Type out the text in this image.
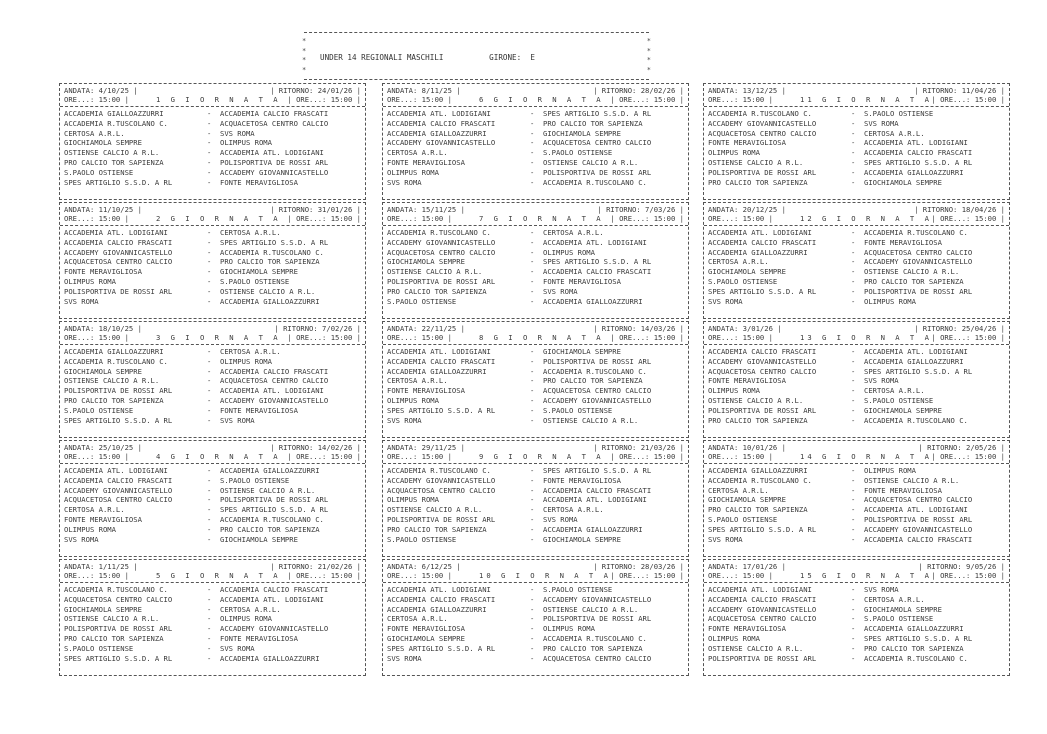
*
*
*
*
*
*
*
*
UNDER 14 REGIONALI MASCHILI	GIRONE: E
ANDATA: 4/10/25 |	| RITORNO: 24/01/26 |
ORE...: 15:00 |	1 G I O R N A T A | ORE...: 15:00 |
ACCADEMIA GIALLOAZZURRI	- ACCADEMIA CALCIO FRASCATI
ACCADEMIA R.TUSCOLANO C.	- ACQUACETOSA CENTRO CALCIO
CERTOSA A.R.L.	- SVS ROMA
GIOCHIAMOLA SEMPRE	- OLIMPUS ROMA
OSTIENSE CALCIO A R.L.	- ACCADEMIA ATL. LODIGIANI
PRO CALCIO TOR SAPIENZA	- POLISPORTIVA DE ROSSI ARL
S.PAOLO OSTIENSE	- ACCADEMY GIOVANNICASTELLO
SPES ARTIGLIO S.S.D. A RL	- FONTE MERAVIGLIOSA
ANDATA: 11/10/25 |	| RITORNO: 31/01/26 |
ORE...: 15:00 |	2 G I O R N A T A | ORE...: 15:00 |
ACCADEMIA ATL. LODIGIANI	- CERTOSA A.R.L.
ACCADEMIA CALCIO FRASCATI	- SPES ARTIGLIO S.S.D. A RL
ACCADEMY GIOVANNICASTELLO	- ACCADEMIA R.TUSCOLANO C.
ACQUACETOSA CENTRO CALCIO	- PRO CALCIO TOR SAPIENZA
FONTE MERAVIGLIOSA	- GIOCHIAMOLA SEMPRE
OLIMPUS ROMA	- S.PAOLO OSTIENSE
POLISPORTIVA DE ROSSI ARL	- OSTIENSE CALCIO A R.L.
SVS ROMA	- ACCADEMIA GIALLOAZZURRI
ANDATA: 18/10/25 |	| RITORNO: 7/02/26 |
ORE...: 15:00 |	3 G I O R N A T A | ORE...: 15:00 |
ACCADEMIA GIALLOAZZURRI	- CERTOSA A.R.L.
ACCADEMIA R.TUSCOLANO C.	- OLIMPUS ROMA
GIOCHIAMOLA SEMPRE	- ACCADEMIA CALCIO FRASCATI
OSTIENSE CALCIO A R.L.	- ACQUACETOSA CENTRO CALCIO
POLISPORTIVA DE ROSSI ARL	- ACCADEMIA ATL. LODIGIANI
PRO CALCIO TOR SAPIENZA	- ACCADEMY GIOVANNICASTELLO
S.PAOLO OSTIENSE	- FONTE MERAVIGLIOSA
SPES ARTIGLIO S.S.D. A RL	- SVS ROMA
ANDATA: 25/10/25 |	| RITORNO: 14/02/26 |
ORE...: 15:00 |	4 G I O R N A T A | ORE...: 15:00 |
ACCADEMIA ATL. LODIGIANI	- ACCADEMIA GIALLOAZZURRI
ACCADEMIA CALCIO FRASCATI	- S.PAOLO OSTIENSE
ACCADEMY GIOVANNICASTELLO	- OSTIENSE CALCIO A R.L.
ACQUACETOSA CENTRO CALCIO	- POLISPORTIVA DE ROSSI ARL
CERTOSA A.R.L.	- SPES ARTIGLIO S.S.D. A RL
FONTE MERAVIGLIOSA	- ACCADEMIA R.TUSCOLANO C.
OLIMPUS ROMA	- PRO CALCIO TOR SAPIENZA
SVS ROMA	- GIOCHIAMOLA SEMPRE
ANDATA: 1/11/25 |	| RITORNO: 21/02/26 |
ORE...: 15:00 |	5 G I O R N A T A | ORE...: 15:00 |
ACCADEMIA R.TUSCOLANO C.	- ACCADEMIA CALCIO FRASCATI
ACQUACETOSA CENTRO CALCIO	- ACCADEMIA ATL. LODIGIANI
GIOCHIAMOLA SEMPRE	- CERTOSA A.R.L.
OSTIENSE CALCIO A R.L.	- OLIMPUS ROMA
POLISPORTIVA DE ROSSI ARL	- ACCADEMY GIOVANNICASTELLO
PRO CALCIO TOR SAPIENZA	- FONTE MERAVIGLIOSA
S.PAOLO OSTIENSE	- SVS ROMA
SPES ARTIGLIO S.S.D. A RL	- ACCADEMIA GIALLOAZZURRI
ANDATA: 8/11/25 |	| RITORNO: 28/02/26 |
ORE...: 15:00 |	6 G I O R N A T A | ORE...: 15:00 |
ACCADEMIA ATL. LODIGIANI	- SPES ARTIGLIO S.S.D. A RL
ACCADEMIA CALCIO FRASCATI	- PRO CALCIO TOR SAPIENZA
ACCADEMIA GIALLOAZZURRI	- GIOCHIAMOLA SEMPRE
ACCADEMY GIOVANNICASTELLO	- ACQUACETOSA CENTRO CALCIO
CERTOSA A.R.L.	- S.PAOLO OSTIENSE
FONTE MERAVIGLIOSA	- OSTIENSE CALCIO A R.L.
OLIMPUS ROMA	- POLISPORTIVA DE ROSSI ARL
SVS ROMA	- ACCADEMIA R.TUSCOLANO C.
ANDATA: 15/11/25 |	| RITORNO: 7/03/26 |
ORE...: 15:00 |	7 G I O R N A T A | ORE...: 15:00 |
ACCADEMIA R.TUSCOLANO C.	- CERTOSA A.R.L.
ACCADEMY GIOVANNICASTELLO	- ACCADEMIA ATL. LODIGIANI
ACQUACETOSA CENTRO CALCIO	- OLIMPUS ROMA
GIOCHIAMOLA SEMPRE	- SPES ARTIGLIO S.S.D. A RL
OSTIENSE CALCIO A R.L.	- ACCADEMIA CALCIO FRASCATI
POLISPORTIVA DE ROSSI ARL	- FONTE MERAVIGLIOSA
PRO CALCIO TOR SAPIENZA	- SVS ROMA
S.PAOLO OSTIENSE	- ACCADEMIA GIALLOAZZURRI
ANDATA: 22/11/25 |	| RITORNO: 14/03/26 |
ORE...: 15:00 |	8 G I O R N A T A | ORE...: 15:00 |
ACCADEMIA ATL. LODIGIANI	- GIOCHIAMOLA SEMPRE
ACCADEMIA CALCIO FRASCATI	- POLISPORTIVA DE ROSSI ARL
ACCADEMIA GIALLOAZZURRI	- ACCADEMIA R.TUSCOLANO C.
CERTOSA A.R.L.	- PRO CALCIO TOR SAPIENZA
FONTE MERAVIGLIOSA	- ACQUACETOSA CENTRO CALCIO
OLIMPUS ROMA	- ACCADEMY GIOVANNICASTELLO
SPES ARTIGLIO S.S.D. A RL	- S.PAOLO OSTIENSE
SVS ROMA	- OSTIENSE CALCIO A R.L.
ANDATA: 29/11/25 |	| RITORNO: 21/03/26 |
ORE...: 15:00 |	9 G I O R N A T A | ORE...: 15:00 |
ACCADEMIA R.TUSCOLANO C.	- SPES ARTIGLIO S.S.D. A RL
ACCADEMY GIOVANNICASTELLO	- FONTE MERAVIGLIOSA
ACQUACETOSA CENTRO CALCIO	- ACCADEMIA CALCIO FRASCATI
OLIMPUS ROMA	- ACCADEMIA ATL. LODIGIANI
OSTIENSE CALCIO A R.L.	- CERTOSA A.R.L.
POLISPORTIVA DE ROSSI ARL	- SVS ROMA
PRO CALCIO TOR SAPIENZA	- ACCADEMIA GIALLOAZZURRI
S.PAOLO OSTIENSE	- GIOCHIAMOLA SEMPRE
ANDATA: 6/12/25 |	| RITORNO: 28/03/26 |
ORE...: 15:00 |	10 G I O R N A T A | ORE...: 15:00 |
ACCADEMIA ATL. LODIGIANI	- S.PAOLO OSTIENSE
ACCADEMIA CALCIO FRASCATI	- ACCADEMY GIOVANNICASTELLO
ACCADEMIA GIALLOAZZURRI	- OSTIENSE CALCIO A R.L.
CERTOSA A.R.L.	- POLISPORTIVA DE ROSSI ARL
FONTE MERAVIGLIOSA	- OLIMPUS ROMA
GIOCHIAMOLA SEMPRE	- ACCADEMIA R.TUSCOLANO C.
SPES ARTIGLIO S.S.D. A RL	- PRO CALCIO TOR SAPIENZA
SVS ROMA	- ACQUACETOSA CENTRO CALCIO
ANDATA: 13/12/25 |	| RITORNO: 11/04/26 |
ORE...: 15:00 |	11 G I O R N A T A | ORE...: 15:00 |
ACCADEMIA R.TUSCOLANO C.	- S.PAOLO OSTIENSE
ACCADEMY GIOVANNICASTELLO	- SVS ROMA
ACQUACETOSA CENTRO CALCIO	- CERTOSA A.R.L.
FONTE MERAVIGLIOSA	- ACCADEMIA ATL. LODIGIANI
OLIMPUS ROMA	- ACCADEMIA CALCIO FRASCATI
OSTIENSE CALCIO A R.L.	- SPES ARTIGLIO S.S.D. A RL
POLISPORTIVA DE ROSSI ARL	- ACCADEMIA GIALLOAZZURRI
PRO CALCIO TOR SAPIENZA	- GIOCHIAMOLA SEMPRE
ANDATA: 20/12/25 |	| RITORNO: 18/04/26 |
ORE...: 15:00 |	12 G I O R N A T A | ORE...: 15:00 |
ACCADEMIA ATL. LODIGIANI	- ACCADEMIA R.TUSCOLANO C.
ACCADEMIA CALCIO FRASCATI	- FONTE MERAVIGLIOSA
ACCADEMIA GIALLOAZZURRI	- ACQUACETOSA CENTRO CALCIO
CERTOSA A.R.L.	- ACCADEMY GIOVANNICASTELLO
GIOCHIAMOLA SEMPRE	- OSTIENSE CALCIO A R.L.
S.PAOLO OSTIENSE	- PRO CALCIO TOR SAPIENZA
SPES ARTIGLIO S.S.D. A RL	- POLISPORTIVA DE ROSSI ARL
SVS ROMA	- OLIMPUS ROMA
ANDATA: 3/01/26 |	| RITORNO: 25/04/26 |
ORE...: 15:00 |	13 G I O R N A T A | ORE...: 15:00 |
ACCADEMIA CALCIO FRASCATI	- ACCADEMIA ATL. LODIGIANI
ACCADEMY GIOVANNICASTELLO	- ACCADEMIA GIALLOAZZURRI
ACQUACETOSA CENTRO CALCIO	- SPES ARTIGLIO S.S.D. A RL
FONTE MERAVIGLIOSA	- SVS ROMA
OLIMPUS ROMA	- CERTOSA A.R.L.
OSTIENSE CALCIO A R.L.	- S.PAOLO OSTIENSE
POLISPORTIVA DE ROSSI ARL	- GIOCHIAMOLA SEMPRE
PRO CALCIO TOR SAPIENZA	- ACCADEMIA R.TUSCOLANO C.
ANDATA: 10/01/26 |	| RITORNO: 2/05/26 |
ORE...: 15:00 |	14 G I O R N A T A | ORE...: 15:00 |
ACCADEMIA GIALLOAZZURRI	- OLIMPUS ROMA
ACCADEMIA R.TUSCOLANO C.	- OSTIENSE CALCIO A R.L.
CERTOSA A.R.L.	- FONTE MERAVIGLIOSA
GIOCHIAMOLA SEMPRE	- ACQUACETOSA CENTRO CALCIO
PRO CALCIO TOR SAPIENZA	- ACCADEMIA ATL. LODIGIANI
S.PAOLO OSTIENSE	- POLISPORTIVA DE ROSSI ARL
SPES ARTIGLIO S.S.D. A RL	- ACCADEMY GIOVANNICASTELLO
SVS ROMA	- ACCADEMIA CALCIO FRASCATI
ANDATA: 17/01/26 |	| RITORNO: 9/05/26 |
ORE...: 15:00 |	15 G I O R N A T A | ORE...: 15:00 |
ACCADEMIA ATL. LODIGIANI	- SVS ROMA
ACCADEMIA CALCIO FRASCATI	- CERTOSA A.R.L.
ACCADEMY GIOVANNICASTELLO	- GIOCHIAMOLA SEMPRE
ACQUACETOSA CENTRO CALCIO	- S.PAOLO OSTIENSE
FONTE MERAVIGLIOSA	- ACCADEMIA GIALLOAZZURRI
OLIMPUS ROMA	- SPES ARTIGLIO S.S.D. A RL
OSTIENSE CALCIO A R.L.	- PRO CALCIO TOR SAPIENZA
POLISPORTIVA DE ROSSI ARL	- ACCADEMIA R.TUSCOLANO C.
